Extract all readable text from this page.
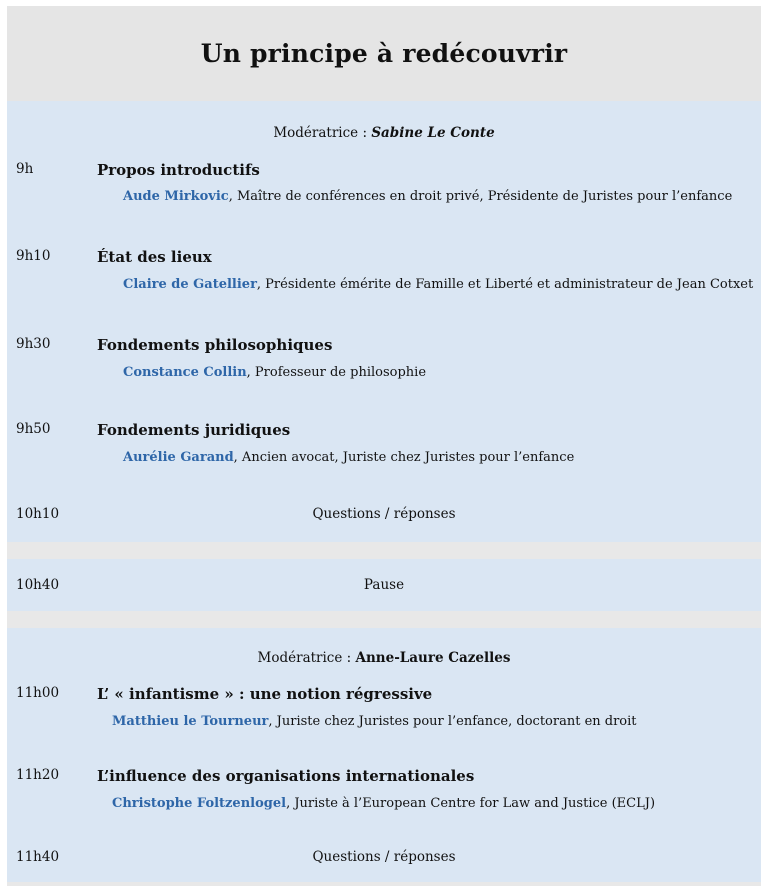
Un principe à redécouvrir
Modératrice : Sabine Le Conte
9h	Propos introductifs
Aude Mirkovic, Maître de conférences en droit privé, Présidente de Juristes pour l’enfance
9h10	État des lieux
Claire de Gatellier, Présidente émérite de Famille et Liberté et administrateur de Jean Cotxet
9h30	Fondements philosophiques
Constance Collin, Professeur de philosophie
9h50	Fondements juridiques
Aurélie Garand, Ancien avocat, Juriste chez Juristes pour l’enfance
10h10	Questions / réponses
10h40	Pause
Modératrice : Anne-Laure Cazelles
11h00	L’ « infantisme » : une notion régressive
Matthieu le Tourneur, Juriste chez Juristes pour l’enfance, doctorant en droit
11h20	L’influence des organisations internationales
Christophe Foltzenlogel, Juriste à l’European Centre for Law and Justice (ECLJ)
11h40	Questions / réponses
